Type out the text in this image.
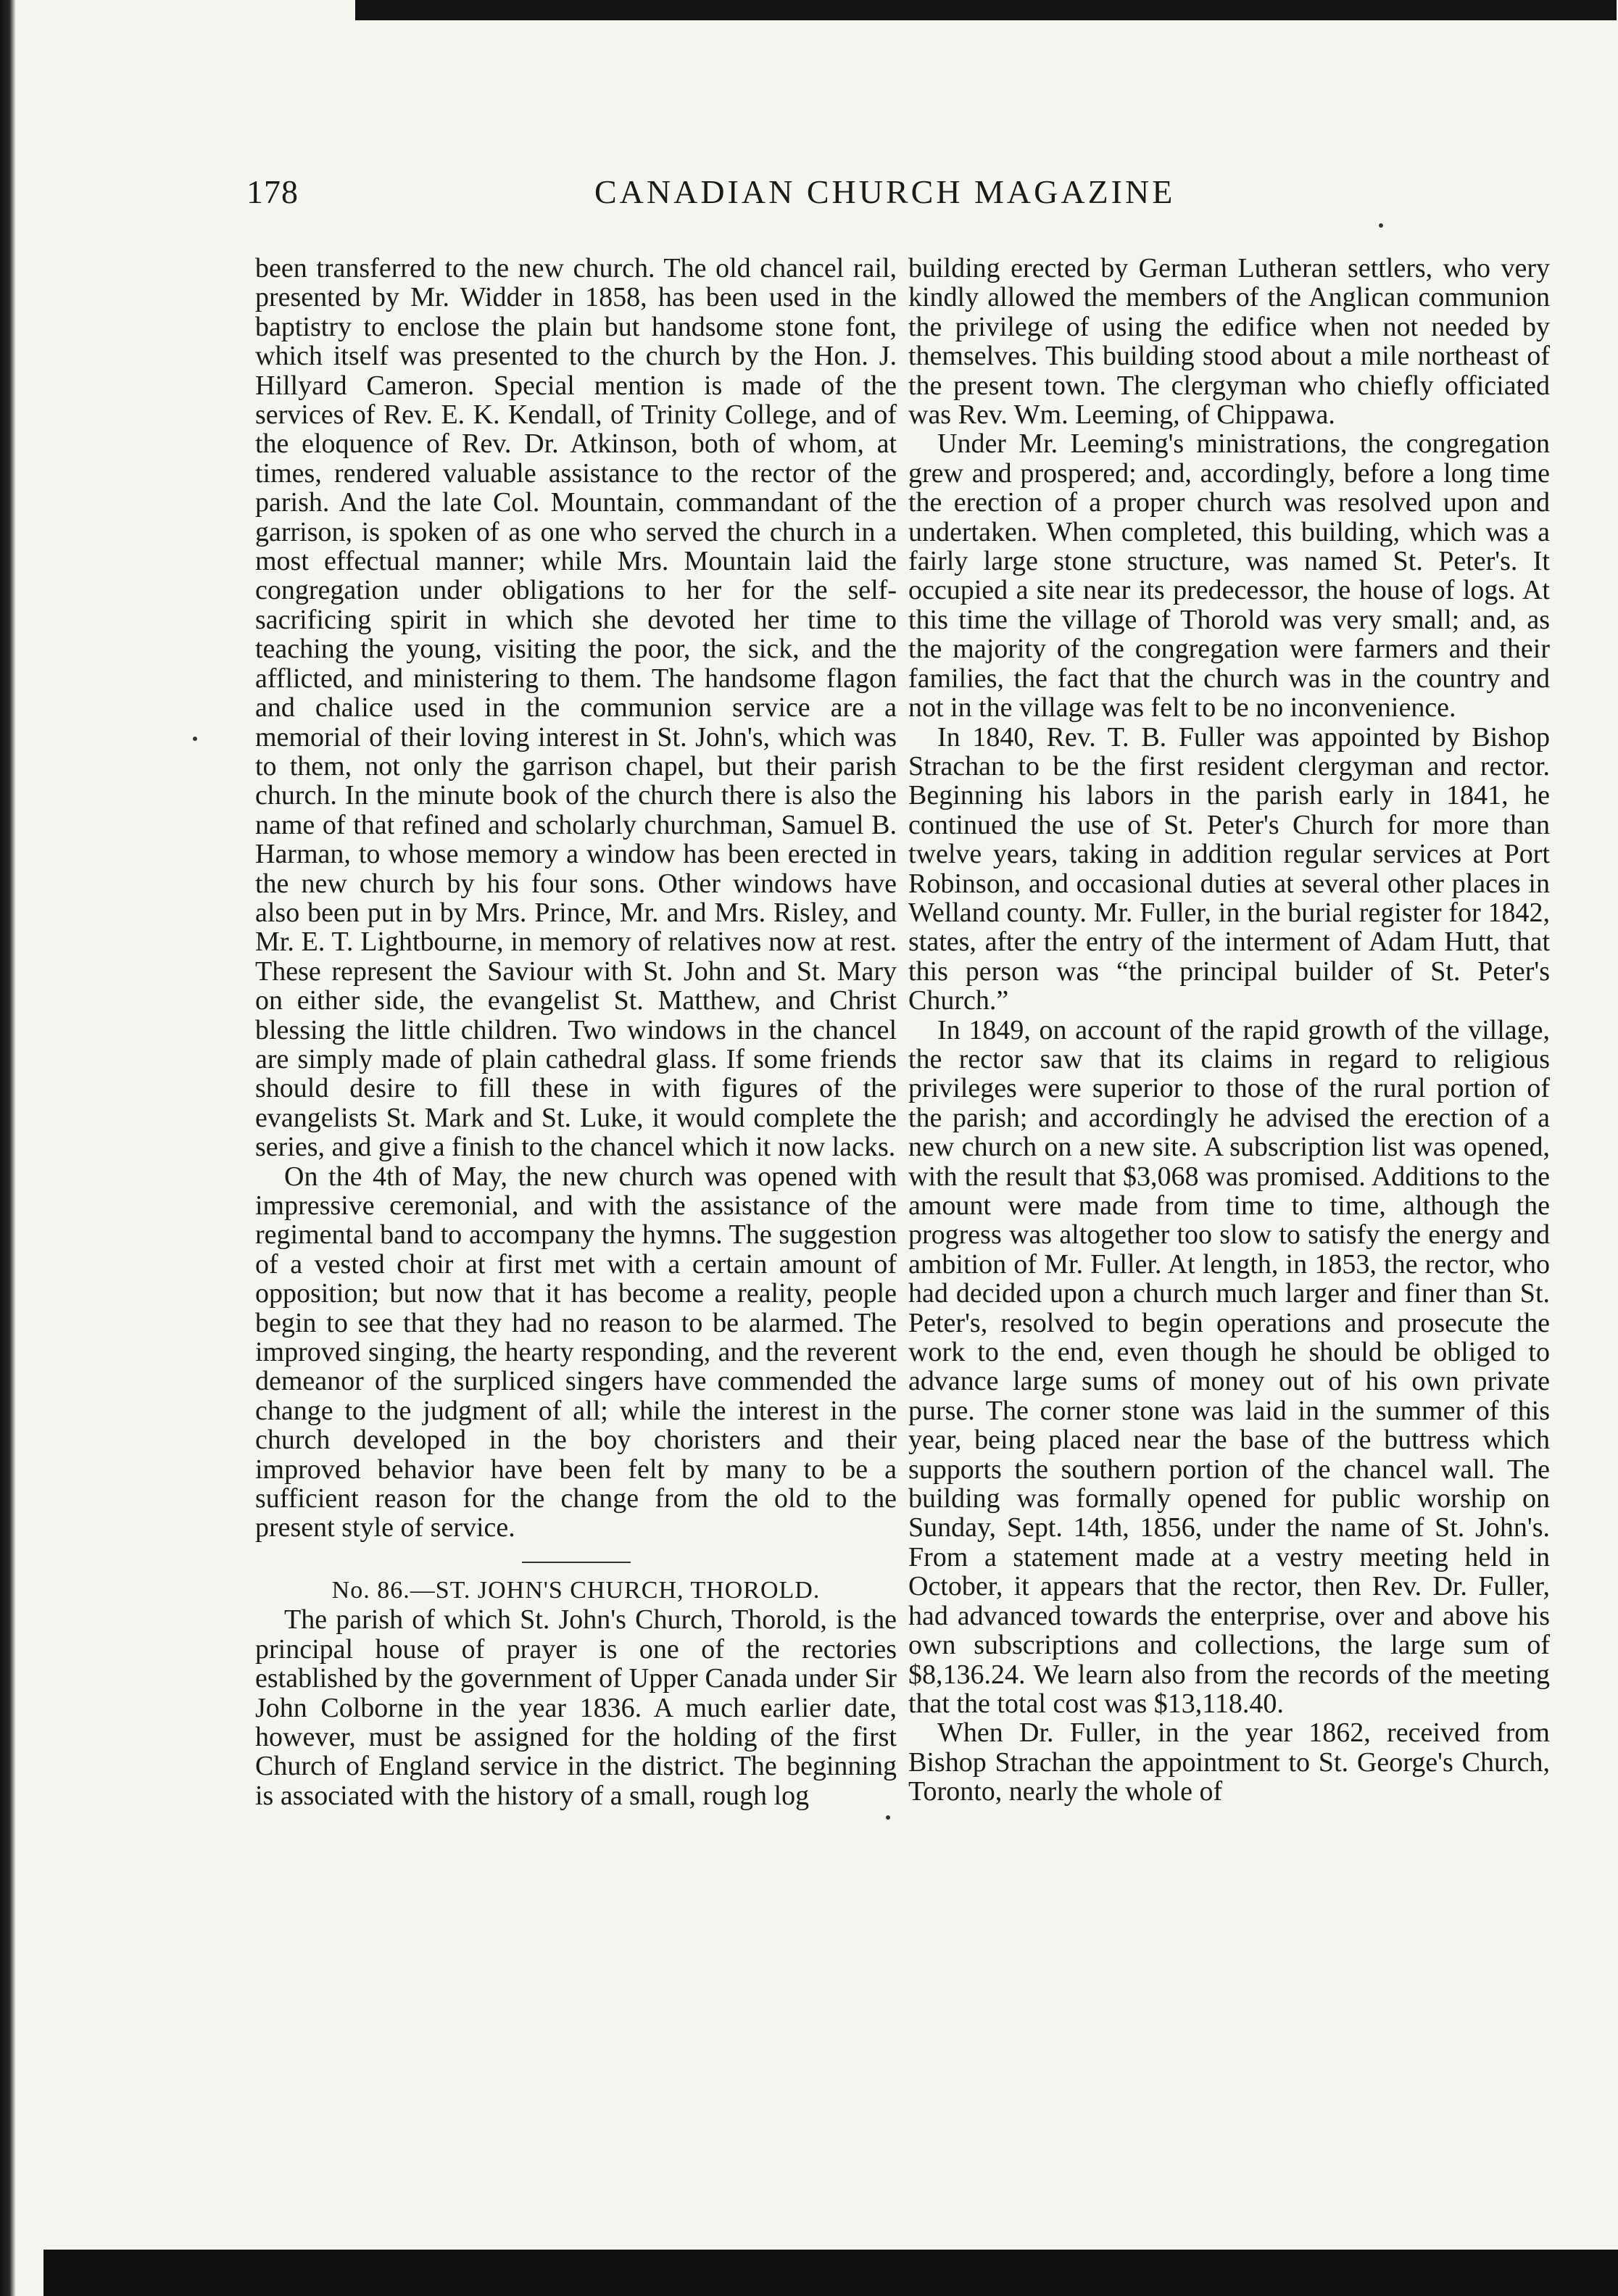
178	CANADIAN CHURCH MAGAZINE

been transferred to the new church. The old chancel rail, presented by Mr. Widder in 1858, has been used in the baptistry to enclose the plain but handsome stone font, which itself was presented to the church by the Hon. J. Hillyard Cameron. Special mention is made of the services of Rev. E. K. Kendall, of Trinity College, and of the eloquence of Rev. Dr. Atkinson, both of whom, at times, rendered valuable assistance to the rector of the parish. And the late Col. Mountain, commandant of the garrison, is spoken of as one who served the church in a most effectual manner; while Mrs. Mountain laid the congregation under obligations to her for the self-sacrificing spirit in which she devoted her time to teaching the young, visiting the poor, the sick, and the afflicted, and ministering to them. The handsome flagon and chalice used in the communion service are a memorial of their loving interest in St. John's, which was to them, not only the garrison chapel, but their parish church. In the minute book of the church there is also the name of that refined and scholarly churchman, Samuel B. Harman, to whose memory a window has been erected in the new church by his four sons. Other windows have also been put in by Mrs. Prince, Mr. and Mrs. Risley, and Mr. E. T. Lightbourne, in memory of relatives now at rest. These represent the Saviour with St. John and St. Mary on either side, the evangelist St. Matthew, and Christ blessing the little children. Two windows in the chancel are simply made of plain cathedral glass. If some friends should desire to fill these in with figures of the evangelists St. Mark and St. Luke, it would complete the series, and give a finish to the chancel which it now lacks.

On the 4th of May, the new church was opened with impressive ceremonial, and with the assistance of the regimental band to accompany the hymns. The suggestion of a vested choir at first met with a certain amount of opposition; but now that it has become a reality, people begin to see that they had no reason to be alarmed. The improved singing, the hearty responding, and the reverent demeanor of the surpliced singers have commended the change to the judgment of all; while the interest in the church developed in the boy choristers and their improved behavior have been felt by many to be a sufficient reason for the change from the old to the present style of service.

No. 86.—ST. JOHN'S CHURCH, THOROLD.

The parish of which St. John's Church, Thorold, is the principal house of prayer is one of the rectories established by the government of Upper Canada under Sir John Colborne in the year 1836. A much earlier date, however, must be assigned for the holding of the first Church of England service in the district. The beginning is associated with the history of a small, rough log

building erected by German Lutheran settlers, who very kindly allowed the members of the Anglican communion the privilege of using the edifice when not needed by themselves. This building stood about a mile northeast of the present town. The clergyman who chiefly officiated was Rev. Wm. Leeming, of Chippawa.

Under Mr. Leeming's ministrations, the congregation grew and prospered; and, accordingly, before a long time the erection of a proper church was resolved upon and undertaken. When completed, this building, which was a fairly large stone structure, was named St. Peter's. It occupied a site near its predecessor, the house of logs. At this time the village of Thorold was very small; and, as the majority of the congregation were farmers and their families, the fact that the church was in the country and not in the village was felt to be no inconvenience.

In 1840, Rev. T. B. Fuller was appointed by Bishop Strachan to be the first resident clergyman and rector. Beginning his labors in the parish early in 1841, he continued the use of St. Peter's Church for more than twelve years, taking in addition regular services at Port Robinson, and occasional duties at several other places in Welland county. Mr. Fuller, in the burial register for 1842, states, after the entry of the interment of Adam Hutt, that this person was “the principal builder of St. Peter's Church.”

In 1849, on account of the rapid growth of the village, the rector saw that its claims in regard to religious privileges were superior to those of the rural portion of the parish; and accordingly he advised the erection of a new church on a new site. A subscription list was opened, with the result that $3,068 was promised. Additions to the amount were made from time to time, although the progress was altogether too slow to satisfy the energy and ambition of Mr. Fuller. At length, in 1853, the rector, who had decided upon a church much larger and finer than St. Peter's, resolved to begin operations and prosecute the work to the end, even though he should be obliged to advance large sums of money out of his own private purse. The corner stone was laid in the summer of this year, being placed near the base of the buttress which supports the southern portion of the chancel wall. The building was formally opened for public worship on Sunday, Sept. 14th, 1856, under the name of St. John's. From a statement made at a vestry meeting held in October, it appears that the rector, then Rev. Dr. Fuller, had advanced towards the enterprise, over and above his own subscriptions and collections, the large sum of $8,136.24. We learn also from the records of the meeting that the total cost was $13,118.40.

When Dr. Fuller, in the year 1862, received from Bishop Strachan the appointment to St. George's Church, Toronto, nearly the whole of
